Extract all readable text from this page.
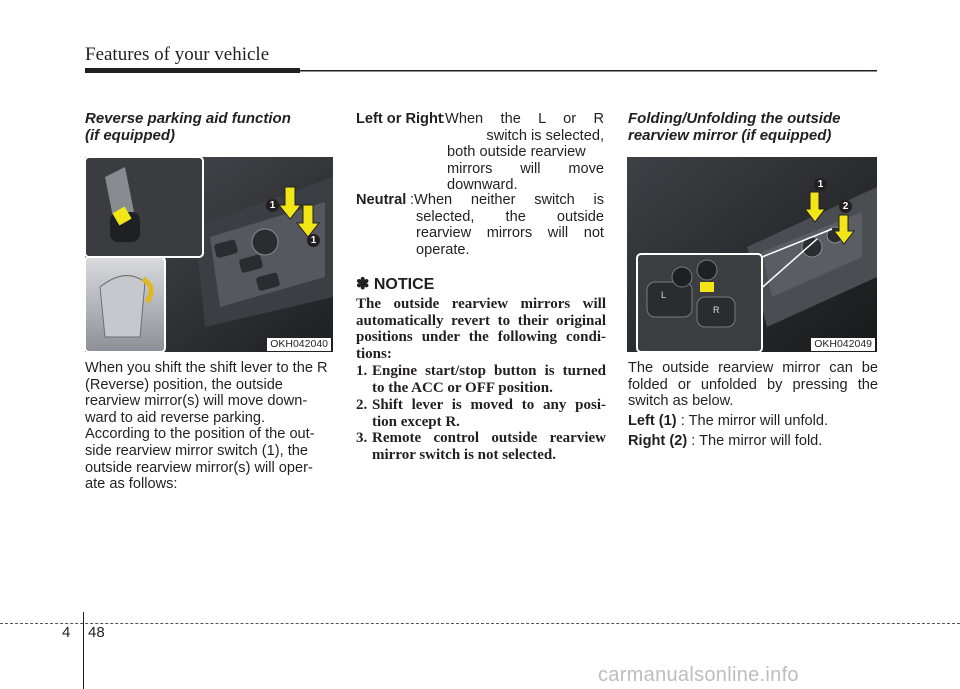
Features of your vehicle
Reverse parking aid function
(if equipped)
1
1
OKH042040
When you shift the shift lever to the R
(Reverse) position, the outside
rearview mirror(s) will move down-
ward to aid reverse parking.
According to the position of the out-
side rearview mirror switch (1), the
outside rearview mirror(s) will oper-
ate as follows:
Left or Right
:When the L or R
switch is selected,
both outside rearview
mirrors will move
downward.
Neutral :When neither switch is
selected, the outside
rearview mirrors will not
operate.
✽ NOTICE
The outside rearview mirrors will
automatically revert to their original
positions under the following condi-
tions:
1. Engine start/stop button is turned
to the ACC or OFF position.
2. Shift lever is moved to any posi-
tion except R.
3. Remote control outside rearview
mirror switch is not selected.
Folding/Unfolding the outside
rearview mirror (if equipped)
L
R
1
2
OKH042049
The outside rearview mirror can be
folded or unfolded by pressing the
switch as below.
Left (1) : The mirror will unfold.
Right (2) : The mirror will fold.
4 48
carmanualsonline.info
